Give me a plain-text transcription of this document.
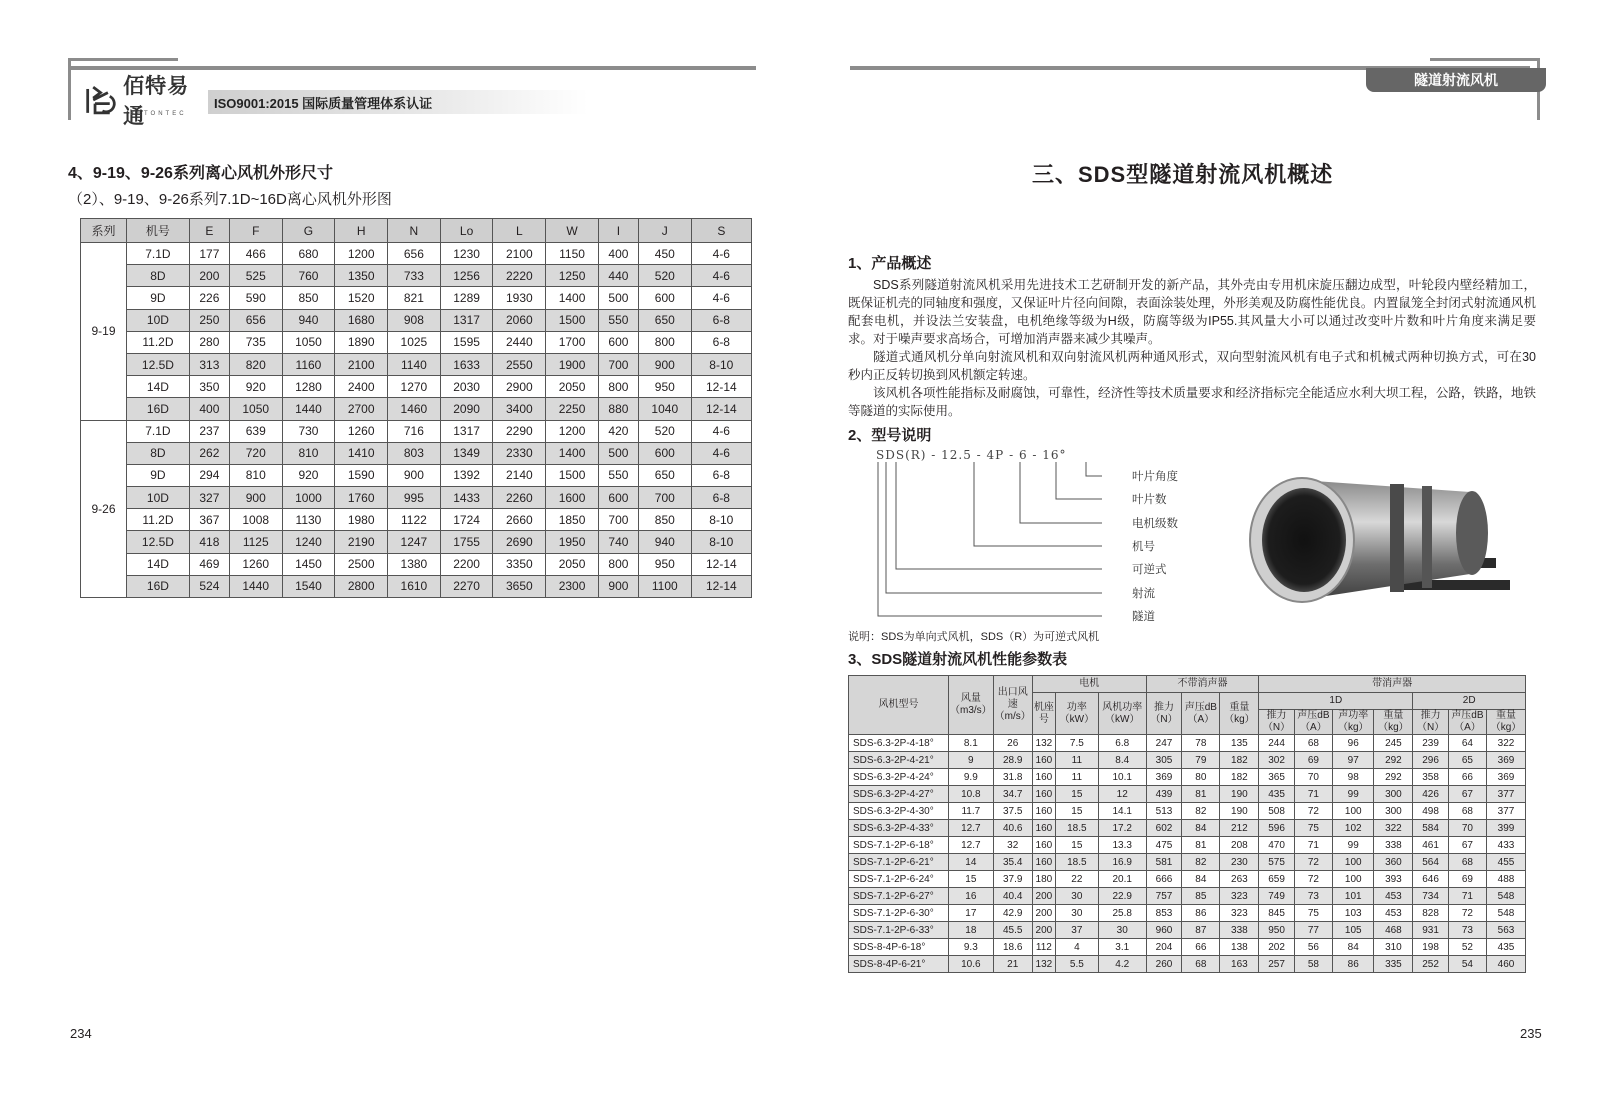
佰特易通
BETONTEC
ISO9001:2015 国际质量管理体系认证
隧道射流风机
4、9-19、9-26系列离心风机外形尺寸
（2）、9-19、9-26系列7.1D~16D离心风机外形图
系列	机号	E	F	G	H	N	Lo	L	W	I	J	S
9-19	7.1D	177	466	680	1200	656	1230	2100	1150	400	450	4-6
	8D	200	525	760	1350	733	1256	2220	1250	440	520	4-6
	9D	226	590	850	1520	821	1289	1930	1400	500	600	4-6
	10D	250	656	940	1680	908	1317	2060	1500	550	650	6-8
	11.2D	280	735	1050	1890	1025	1595	2440	1700	600	800	6-8
	12.5D	313	820	1160	2100	1140	1633	2550	1900	700	900	8-10
	14D	350	920	1280	2400	1270	2030	2900	2050	800	950	12-14
	16D	400	1050	1440	2700	1460	2090	3400	2250	880	1040	12-14
9-26	7.1D	237	639	730	1260	716	1317	2290	1200	420	520	4-6
	8D	262	720	810	1410	803	1349	2330	1400	500	600	4-6
	9D	294	810	920	1590	900	1392	2140	1500	550	650	6-8
	10D	327	900	1000	1760	995	1433	2260	1600	600	700	6-8
	11.2D	367	1008	1130	1980	1122	1724	2660	1850	700	850	8-10
	12.5D	418	1125	1240	2190	1247	1755	2690	1950	740	940	8-10
	14D	469	1260	1450	2500	1380	2200	3350	2050	800	950	12-14
	16D	524	1440	1540	2800	1610	2270	3650	2300	900	1100	12-14
234
三、SDS型隧道射流风机概述
1、产品概述

SDS系列隧道射流风机采用先进技术工艺研制开发的新产品，其外壳由专用机床旋压翻边成型，叶轮段内壁经精加工，既保证机壳的同轴度和强度，又保证叶片径向间隙，表面涂装处理，外形美观及防腐性能优良。内置鼠笼全封闭式射流通风机配套电机，并设法兰安装盘，电机绝缘等级为H级，防腐等级为IP55.其风量大小可以通过改变叶片数和叶片角度来满足要求。对于噪声要求高场合，可增加消声器来减少其噪声。

隧道式通风机分单向射流风机和双向射流风机两种通风形式，双向型射流风机有电子式和机械式两种切换方式，可在30秒内正反转切换到风机额定转速。

该风机各项性能指标及耐腐蚀，可靠性，经济性等技术质量要求和经济指标完全能适应水利大坝工程，公路，铁路，地铁等隧道的实际使用。

2、型号说明
SDS(R) - 12.5 - 4P - 6 - 16°
叶片角度
叶片数
电机级数
机号
可逆式
射流
隧道
说明：SDS为单向式风机，SDS（R）为可逆式风机
3、SDS隧道射流风机性能参数表
风机型号	风量（m3/s）	出口风速（m/s）	电机			不带消声器			带消声器						
			机座号	功率（kW）	风机功率（kW）	推力（N）	声压dB（A）	重量（kg）	1D				2D		
									推力（N）	声压dB（A）	声功率（kg）	重量（kg）	推力（N）	声压dB（A）	重量（kg）
SDS-6.3-2P-4-18°	8.1	26	132	7.5	6.8	247	78	135	244	68	96	245	239	64	322
SDS-6.3-2P-4-21°	9	28.9	160	11	8.4	305	79	182	302	69	97	292	296	65	369
SDS-6.3-2P-4-24°	9.9	31.8	160	11	10.1	369	80	182	365	70	98	292	358	66	369
SDS-6.3-2P-4-27°	10.8	34.7	160	15	12	439	81	190	435	71	99	300	426	67	377
SDS-6.3-2P-4-30°	11.7	37.5	160	15	14.1	513	82	190	508	72	100	300	498	68	377
SDS-6.3-2P-4-33°	12.7	40.6	160	18.5	17.2	602	84	212	596	75	102	322	584	70	399
SDS-7.1-2P-6-18°	12.7	32	160	15	13.3	475	81	208	470	71	99	338	461	67	433
SDS-7.1-2P-6-21°	14	35.4	160	18.5	16.9	581	82	230	575	72	100	360	564	68	455
SDS-7.1-2P-6-24°	15	37.9	180	22	20.1	666	84	263	659	72	100	393	646	69	488
SDS-7.1-2P-6-27°	16	40.4	200	30	22.9	757	85	323	749	73	101	453	734	71	548
SDS-7.1-2P-6-30°	17	42.9	200	30	25.8	853	86	323	845	75	103	453	828	72	548
SDS-7.1-2P-6-33°	18	45.5	200	37	30	960	87	338	950	77	105	468	931	73	563
SDS-8-4P-6-18°	9.3	18.6	112	4	3.1	204	66	138	202	56	84	310	198	52	435
SDS-8-4P-6-21°	10.6	21	132	5.5	4.2	260	68	163	257	58	86	335	252	54	460
235
